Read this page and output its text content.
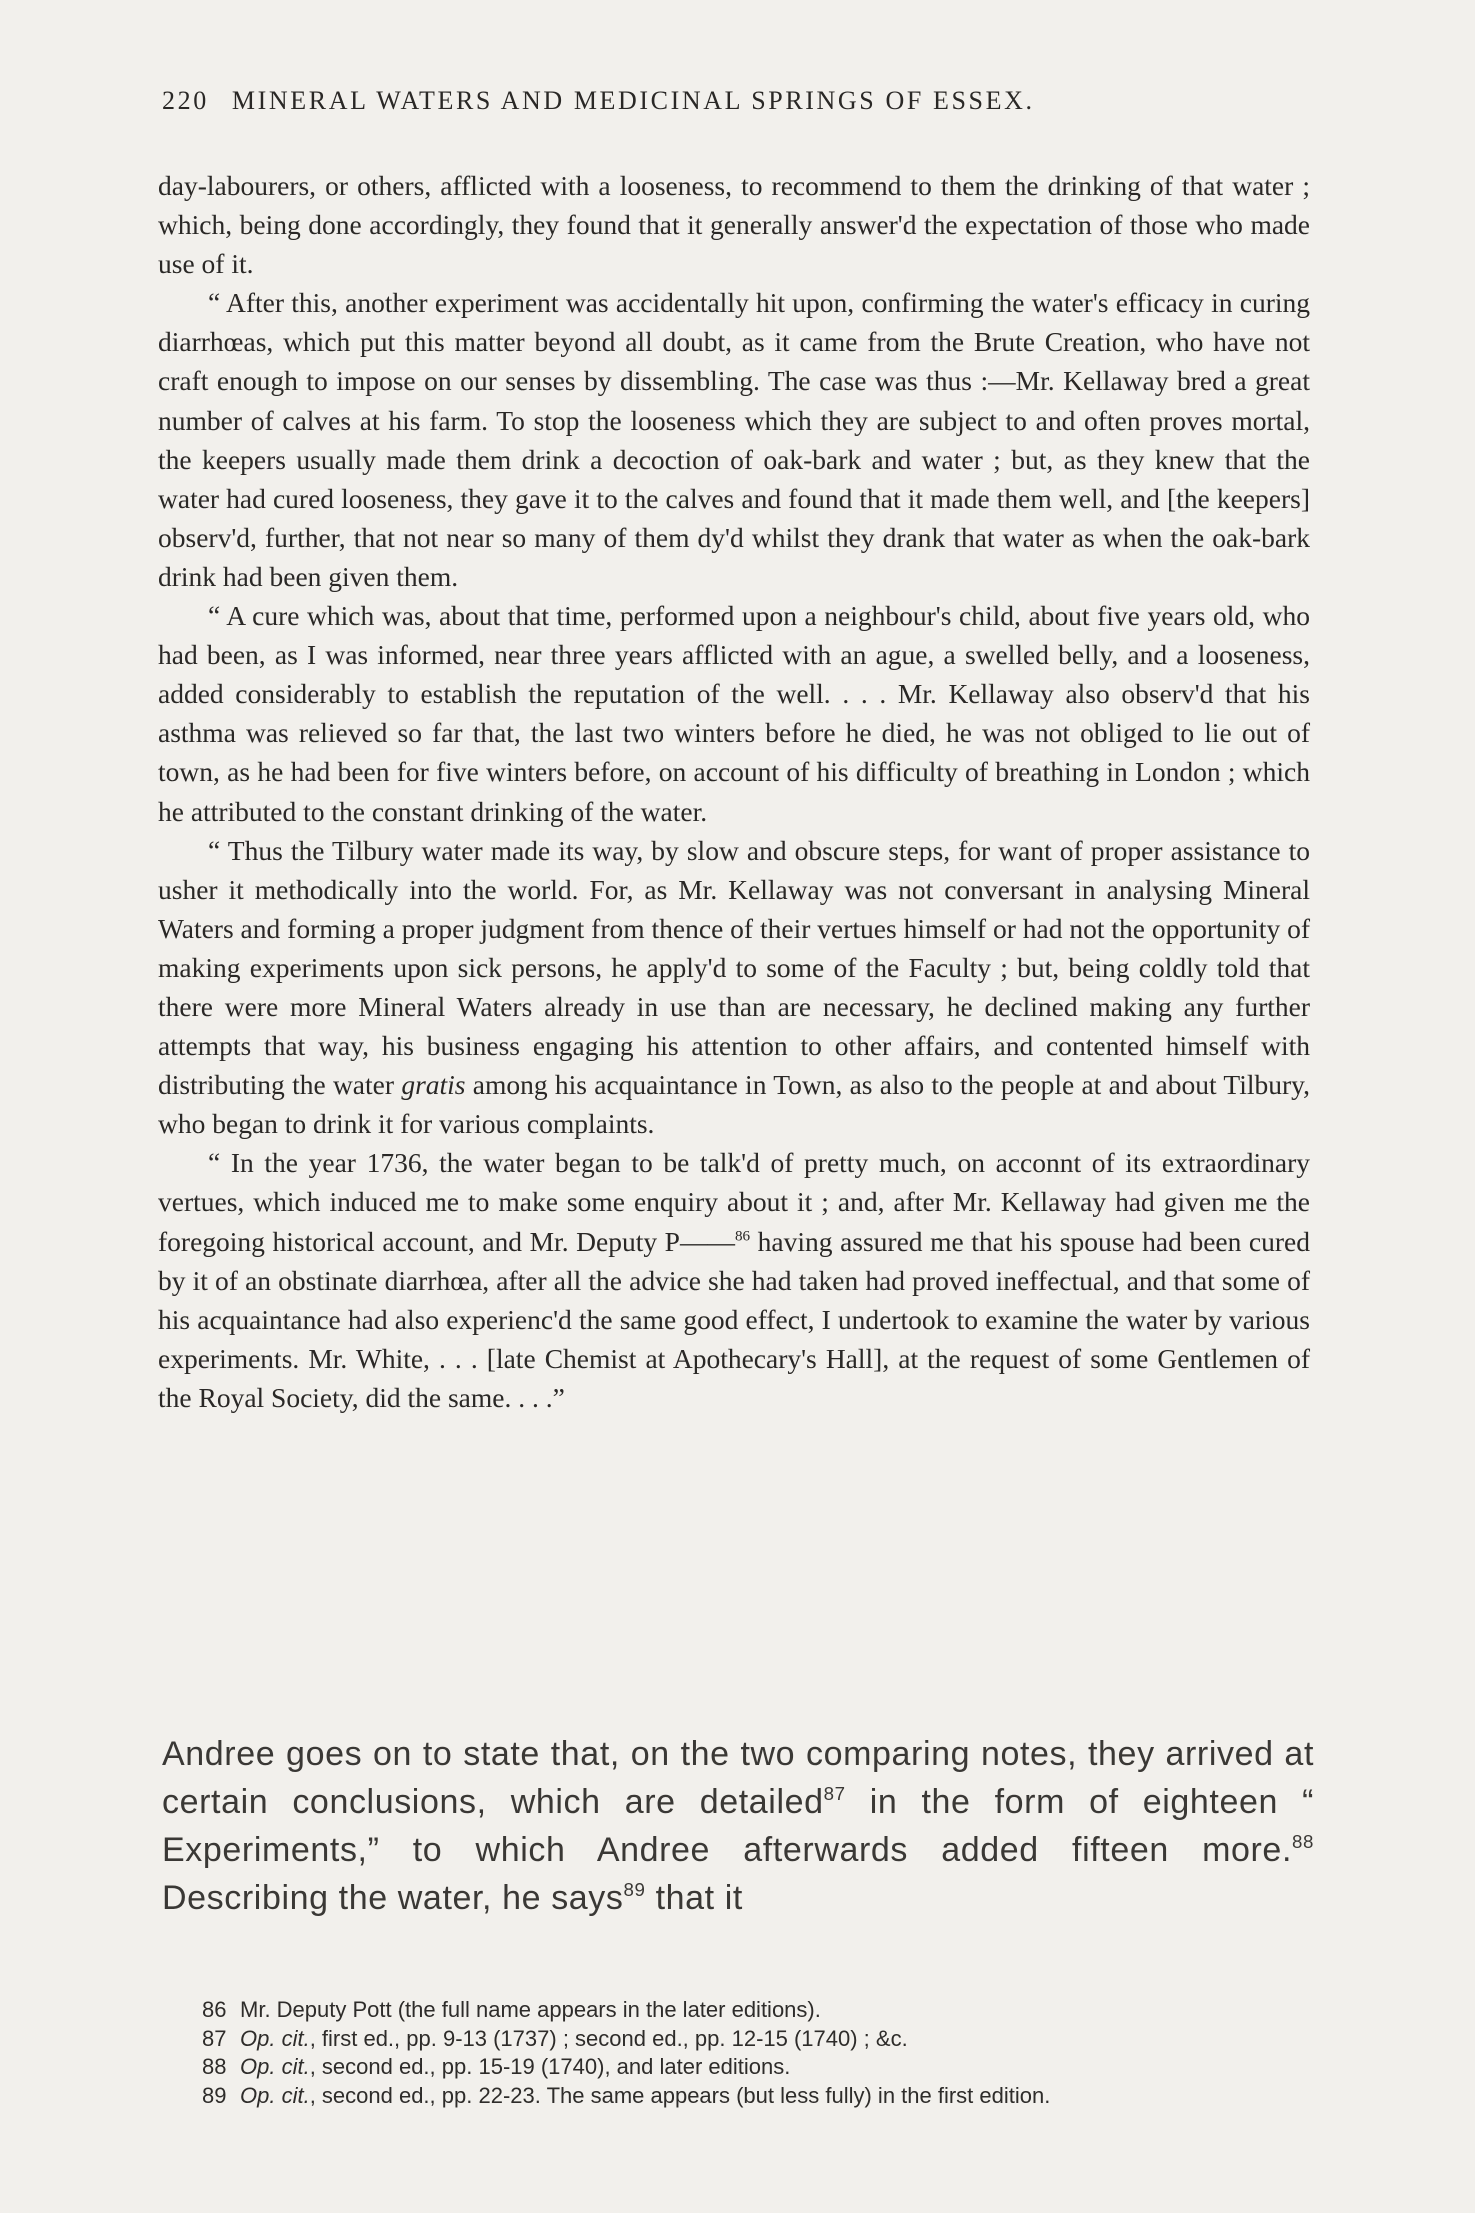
220 MINERAL WATERS AND MEDICINAL SPRINGS OF ESSEX.

day-labourers, or others, afflicted with a looseness, to recommend to them the drinking of that water ; which, being done accordingly, they found that it generally answer'd the expectation of those who made use of it.

“ After this, another experiment was accidentally hit upon, confirming the water's efficacy in curing diarrhœas, which put this matter beyond all doubt, as it came from the Brute Creation, who have not craft enough to impose on our senses by dissembling. The case was thus :—Mr. Kellaway bred a great number of calves at his farm. To stop the looseness which they are subject to and often proves mortal, the keepers usually made them drink a decoction of oak-bark and water ; but, as they knew that the water had cured looseness, they gave it to the calves and found that it made them well, and [the keepers] observ'd, further, that not near so many of them dy'd whilst they drank that water as when the oak-bark drink had been given them.

“ A cure which was, about that time, performed upon a neighbour's child, about five years old, who had been, as I was informed, near three years afflicted with an ague, a swelled belly, and a looseness, added considerably to establish the reputation of the well. . . . Mr. Kellaway also observ'd that his asthma was relieved so far that, the last two winters before he died, he was not obliged to lie out of town, as he had been for five winters before, on account of his difficulty of breathing in London ; which he attributed to the constant drinking of the water.

“ Thus the Tilbury water made its way, by slow and obscure steps, for want of proper assistance to usher it methodically into the world. For, as Mr. Kellaway was not conversant in analysing Mineral Waters and forming a proper judgment from thence of their vertues himself or had not the opportunity of making experiments upon sick persons, he apply'd to some of the Faculty ; but, being coldly told that there were more Mineral Waters already in use than are necessary, he declined making any further attempts that way, his business engaging his attention to other affairs, and contented himself with distributing the water gratis among his acquaintance in Town, as also to the people at and about Tilbury, who began to drink it for various complaints.

“ In the year 1736, the water began to be talk'd of pretty much, on acconnt of its extraordinary vertues, which induced me to make some enquiry about it ; and, after Mr. Kellaway had given me the foregoing historical account, and Mr. Deputy P——$^{86}$ having assured me that his spouse had been cured by it of an obstinate diarrhœa, after all the advice she had taken had proved ineffectual, and that some of his acquaintance had also experienc'd the same good effect, I undertook to examine the water by various experiments. Mr. White, . . . [late Chemist at Apothecary's Hall], at the request of some Gentlemen of the Royal Society, did the same. . . .”

Andree goes on to state that, on the two comparing notes, they arrived at certain conclusions, which are detailed$^{87}$ in the form of eighteen “ Experiments,” to which Andree afterwards added fifteen more.$^{88}$ Describing the water, he says$^{89}$ that it

86 Mr. Deputy Pott (the full name appears in the later editions).
87 Op. cit., first ed., pp. 9-13 (1737) ; second ed., pp. 12-15 (1740) ; &c.
88 Op. cit., second ed., pp. 15-19 (1740), and later editions.
89 Op. cit., second ed., pp. 22-23. The same appears (but less fully) in the first edition.
